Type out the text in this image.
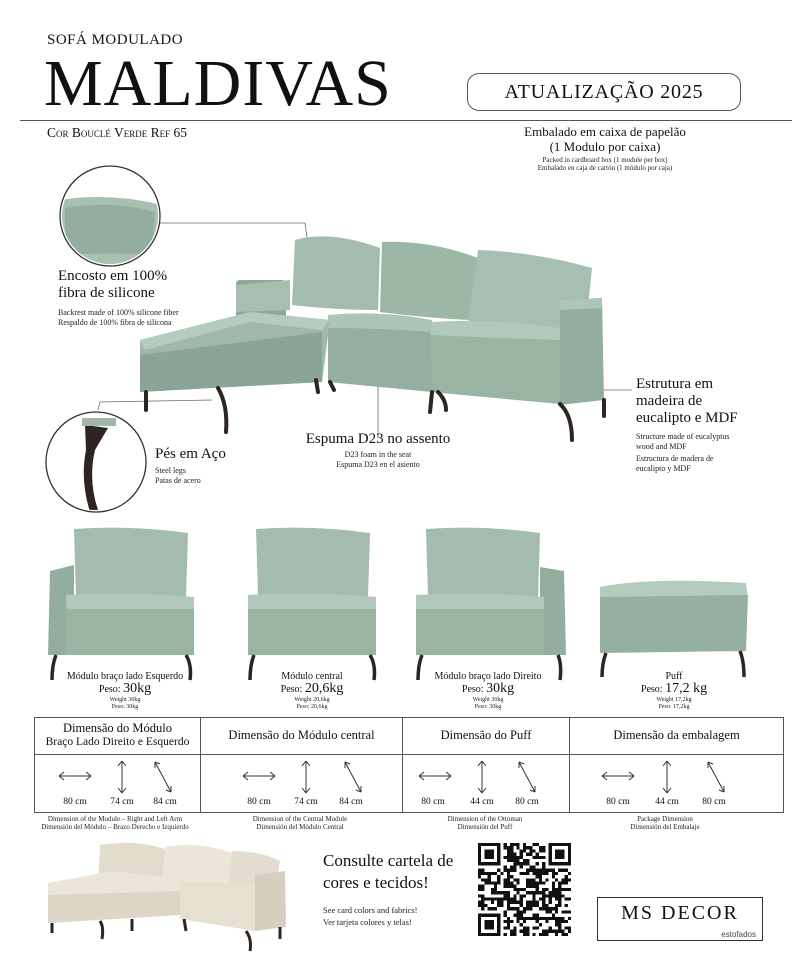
SOFÁ MODULADO
MALDIVAS	ATUALIZAÇÃO 2025
Cor Bouclé Verde Ref 65	Embalado em caixa de papelão
(1 Modulo por caixa)
Packed in cardboard box (1 module per box)
Embalado en caja de cartón (1 módulo por caja)
Encosto em 100%
fibra de silicone
Backrest made of 100% silicone fiber
Respaldo de 100% fibra de silicona
Pés em Aço
Steel legs
Patas de acero
Espuma D23 no assento
D23 foam in the seat
Espuma D23 en el asiento
Estrutura em
madeira de
eucalipto e MDF
Structure made of eucalyptus
wood and MDF
Estructura de madera de
eucalipto y MDF
Módulo braço lado Esquerdo
Peso: 30kg
Weight 30kg
Peso: 30kg
Módulo central
Peso: 20,6kg
Weight 20,6kg
Peso: 20,6kg
Módulo braço lado Direito
Peso: 30kg
Weight 30kg
Peso: 30kg
Puff
Peso: 17,2 kg
Weight 17,2kg
Peso: 17,2kg
Dimensão do Módulo
Braço Lado Direito e Esquerdo	Dimensão do Módulo central	Dimensão do Puff	Dimensão da embalagem
80 cm	74 cm	84 cm	80 cm	74 cm	84 cm	80 cm	44 cm	80 cm	80 cm	44 cm	80 cm
Dimension of the Module – Right and Left Arm
Dimensión del Módulo – Brazo Derecho e Izquierdo
Dimension of the Central Module
Dimensión del Módulo Central
Dimension of the Ottoman
Dimensión del Puff
Package Dimension
Dimensión del Embalaje
Consulte cartela de
cores e tecidos!
See card colors and fabrics!
Ver tarjeta colores y telas!	MS DECOR
estofados
